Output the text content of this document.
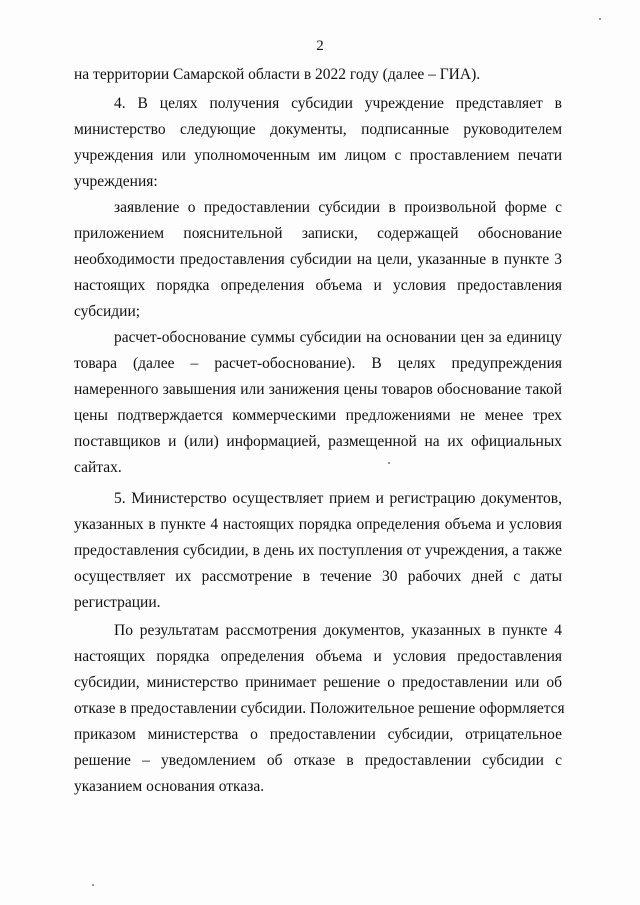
2
на территории Самарской области в 2022 году (далее – ГИА).
4. В целях получения субсидии учреждение представляет в
министерство следующие документы, подписанные руководителем
учреждения или уполномоченным им лицом с проставлением печати
учреждения:
заявление о предоставлении субсидии в произвольной форме с
приложением пояснительной записки, содержащей обоснование
необходимости предоставления субсидии на цели, указанные в пункте 3
настоящих порядка определения объема и условия предоставления
субсидии;
расчет-обоснование суммы субсидии на основании цен за единицу
товара (далее – расчет-обоснование). В целях предупреждения
намеренного завышения или занижения цены товаров обоснование такой
цены подтверждается коммерческими предложениями не менее трех
поставщиков и (или) информацией, размещенной на их официальных
сайтах.
5. Министерство осуществляет прием и регистрацию документов,
указанных в пункте 4 настоящих порядка определения объема и условия
предоставления субсидии, в день их поступления от учреждения, а также
осуществляет их рассмотрение в течение 30 рабочих дней с даты
регистрации.
По результатам рассмотрения документов, указанных в пункте 4
настоящих порядка определения объема и условия предоставления
субсидии, министерство принимает решение о предоставлении или об
отказе в предоставлении субсидии. Положительное решение оформляется
приказом министерства о предоставлении субсидии, отрицательное
решение – уведомлением об отказе в предоставлении субсидии с
указанием основания отказа.
